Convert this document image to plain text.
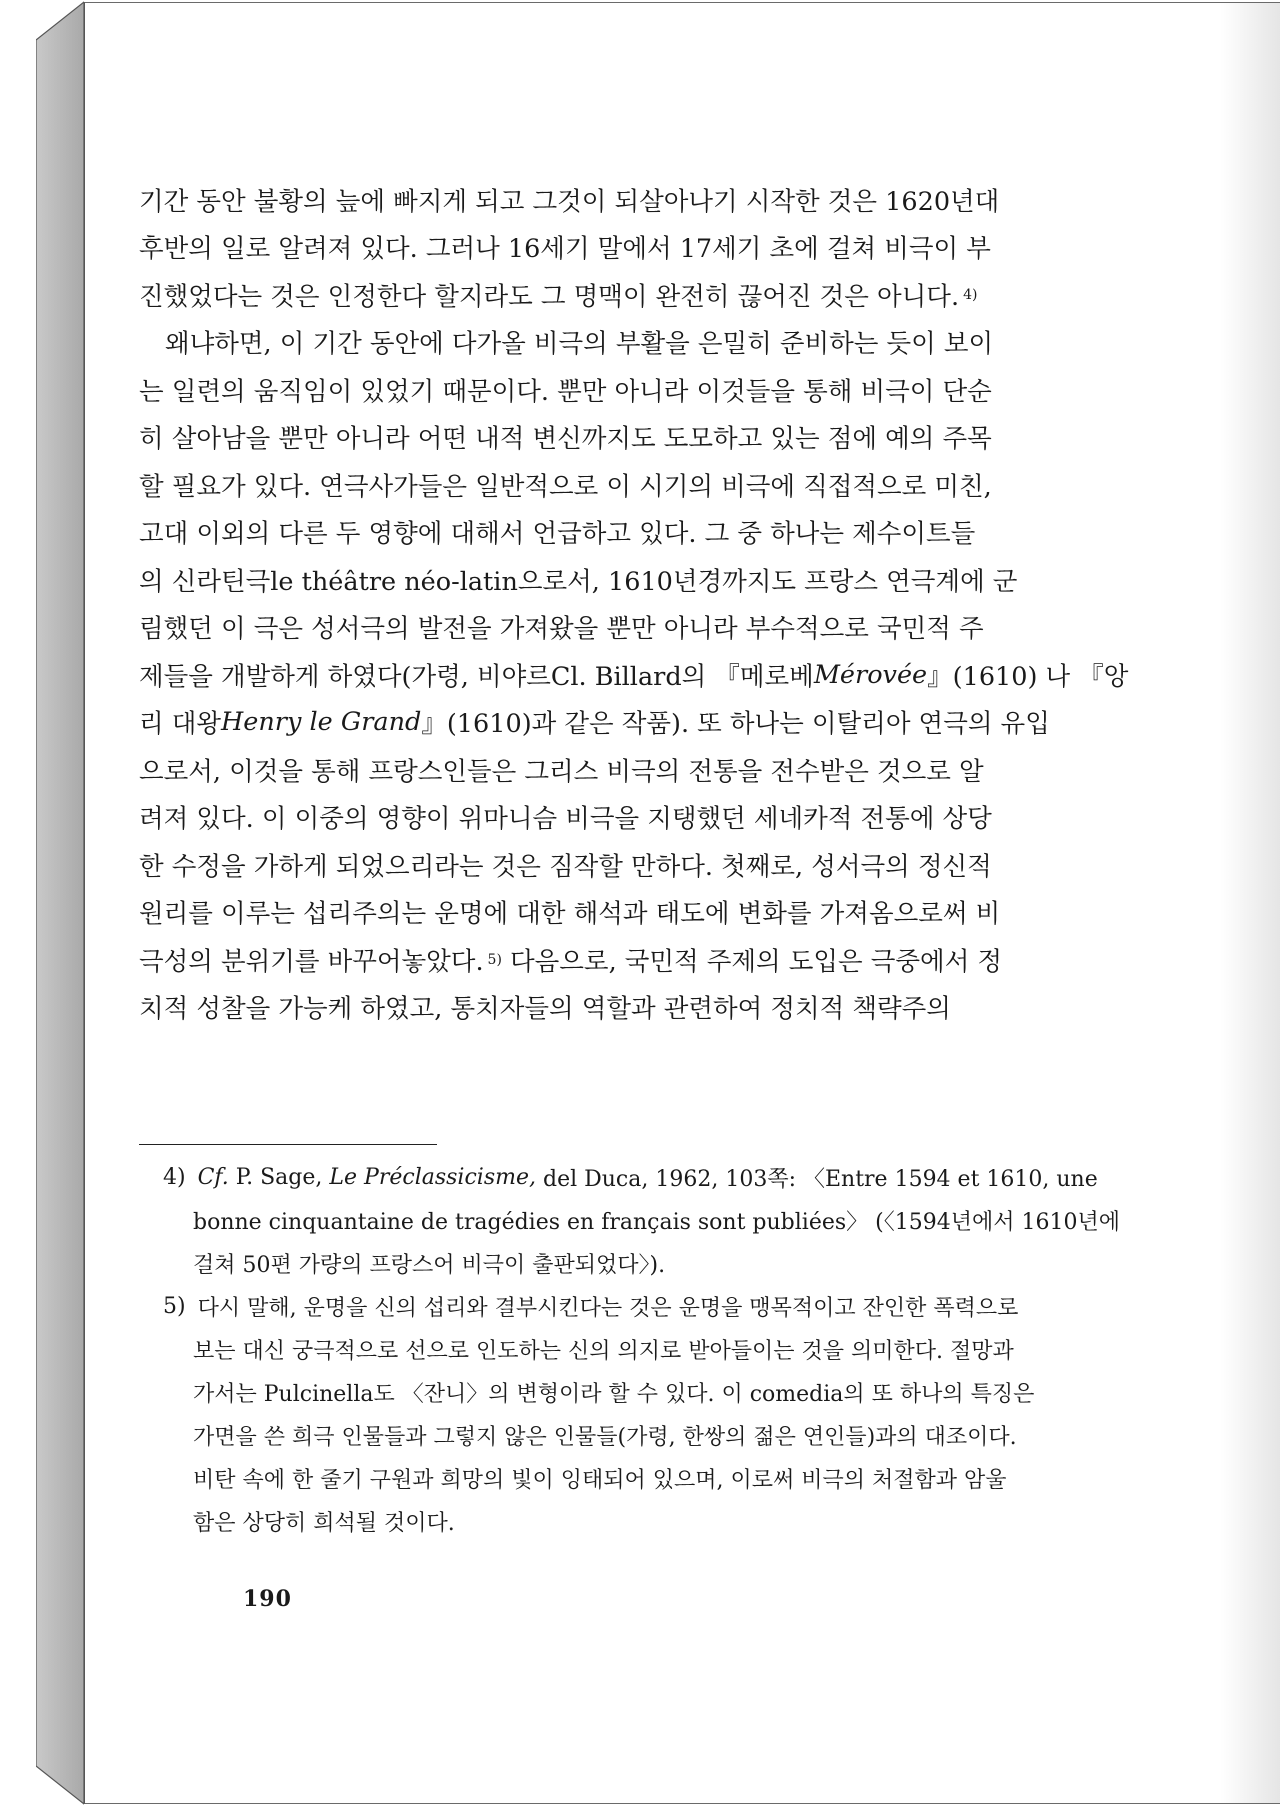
기간 동안 불황의 늪에 빠지게 되고 그것이 되살아나기 시작한 것은 1620년대
후반의 일로 알려져 있다. 그러나 16세기 말에서 17세기 초에 걸쳐 비극이 부
진했었다는 것은 인정한다 할지라도 그 명맥이 완전히 끊어진 것은 아니다. 4)
왜냐하면, 이 기간 동안에 다가올 비극의 부활을 은밀히 준비하는 듯이 보이
는 일련의 움직임이 있었기 때문이다. 뿐만 아니라 이것들을 통해 비극이 단순
히 살아남을 뿐만 아니라 어떤 내적 변신까지도 도모하고 있는 점에 예의 주목
할 필요가 있다. 연극사가들은 일반적으로 이 시기의 비극에 직접적으로 미친,
고대 이외의 다른 두 영향에 대해서 언급하고 있다. 그 중 하나는 제수이트들
의 신라틴극le théâtre néo-latin으로서, 1610년경까지도 프랑스 연극계에 군
림했던 이 극은 성서극의 발전을 가져왔을 뿐만 아니라 부수적으로 국민적 주
제들을 개발하게 하였다(가령, 비야르Cl. Billard의 『메로베 Mérovée 』(1610) 나 『앙
리 대왕 Henry le Grand 』(1610)과 같은 작품). 또 하나는 이탈리아 연극의 유입
으로서, 이것을 통해 프랑스인들은 그리스 비극의 전통을 전수받은 것으로 알
려져 있다. 이 이중의 영향이 위마니슴 비극을 지탱했던 세네카적 전통에 상당
한 수정을 가하게 되었으리라는 것은 짐작할 만하다. 첫째로, 성서극의 정신적
원리를 이루는 섭리주의는 운명에 대한 해석과 태도에 변화를 가져옴으로써 비
극성의 분위기를 바꾸어놓았다. 5)
다음으로, 국민적 주제의 도입은 극중에서 정
치적 성찰을 가능케 하였고, 통치자들의 역할과 관련하여 정치적 책략주의
4) Cf.
P. Sage,
Le Préclassicisme,
del Duca, 1962, 103쪽: 〈Entre 1594 et 1610, une
bonne cinquantaine de tragédies en français sont publiées〉 (〈1594년에서 1610년에
걸쳐 50편 가량의 프랑스어 비극이 출판되었다〉).
5) 다시 말해, 운명을 신의 섭리와 결부시킨다는 것은 운명을 맹목적이고 잔인한 폭력으로
보는 대신 궁극적으로 선으로 인도하는 신의 의지로 받아들이는 것을 의미한다. 절망과
가서는 Pulcinella도 〈잔니〉의 변형이라 할 수 있다. 이 comedia의 또 하나의 특징은
가면을 쓴 희극 인물들과 그렇지 않은 인물들(가령, 한쌍의 젊은 연인들)과의 대조이다.
비탄 속에 한 줄기 구원과 희망의 빛이 잉태되어 있으며, 이로써 비극의 처절함과 암울
함은 상당히 희석될 것이다.
190
